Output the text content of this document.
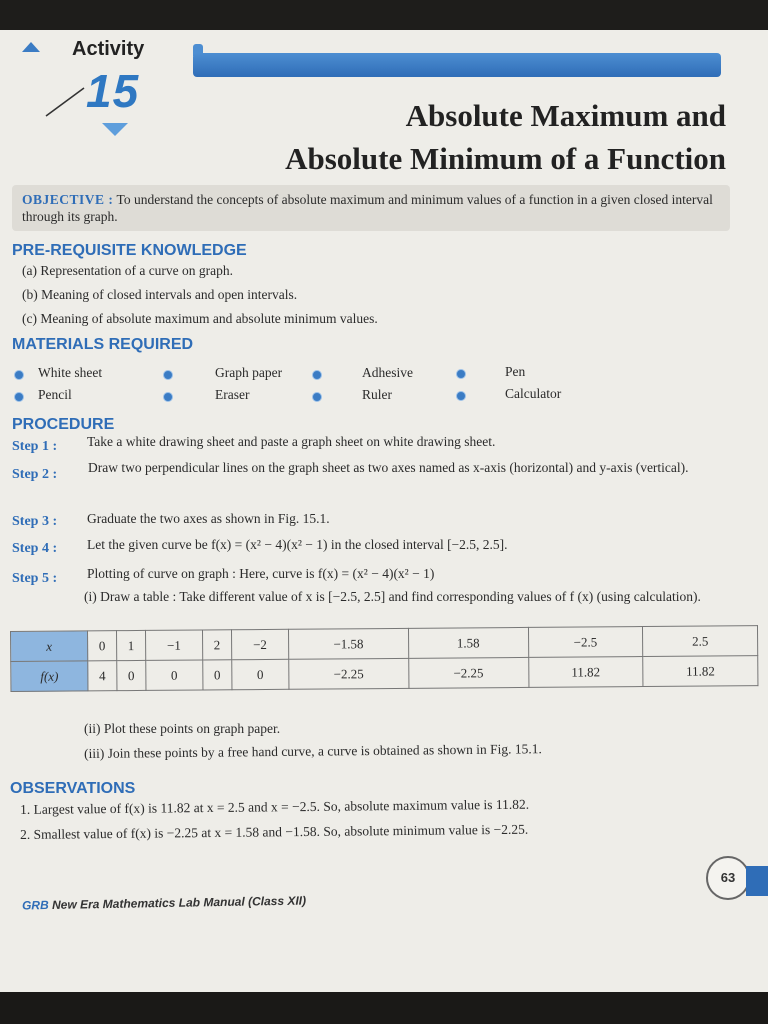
Activity
15	Absolute Maximum and
Absolute Minimum of a Function
OBJECTIVE : To understand the concepts of absolute maximum and minimum values of a function in a given closed interval through its graph.
PRE-REQUISITE KNOWLEDGE
(a) Representation of a curve on graph.
(b) Meaning of closed intervals and open intervals.
(c) Meaning of absolute maximum and absolute minimum values.
MATERIALS REQUIRED
White sheet	Graph paper	Adhesive	Pen
Pencil	Eraser	Ruler	Calculator
PROCEDURE
Step 1 : Take a white drawing sheet and paste a graph sheet on white drawing sheet.
Step 2 : Draw two perpendicular lines on the graph sheet as two axes named as x-axis (horizontal) and y-axis (vertical).
Step 3 : Graduate the two axes as shown in Fig. 15.1.
Step 4 : Let the given curve be f(x) = (x² − 4)(x² − 1) in the closed interval [−2.5, 2.5].
Step 5 : Plotting of curve on graph : Here, curve is f(x) = (x² − 4)(x² − 1)
(i) Draw a table : Take different value of x is [−2.5, 2.5] and find corresponding values of f (x) (using calculation).
x	0	1	−1	2	−2	−1.58	1.58	−2.5	2.5
f(x)	4	0	0	0	0	−2.25	−2.25	11.82	11.82
(ii) Plot these points on graph paper.
(iii) Join these points by a free hand curve, a curve is obtained as shown in Fig. 15.1.
OBSERVATIONS
1. Largest value of f(x) is 11.82 at x = 2.5 and x = −2.5. So, absolute maximum value is 11.82.
2. Smallest value of f(x) is −2.25 at x = 1.58 and −1.58. So, absolute minimum value is −2.25.
63
GRB New Era Mathematics Lab Manual (Class XII)
